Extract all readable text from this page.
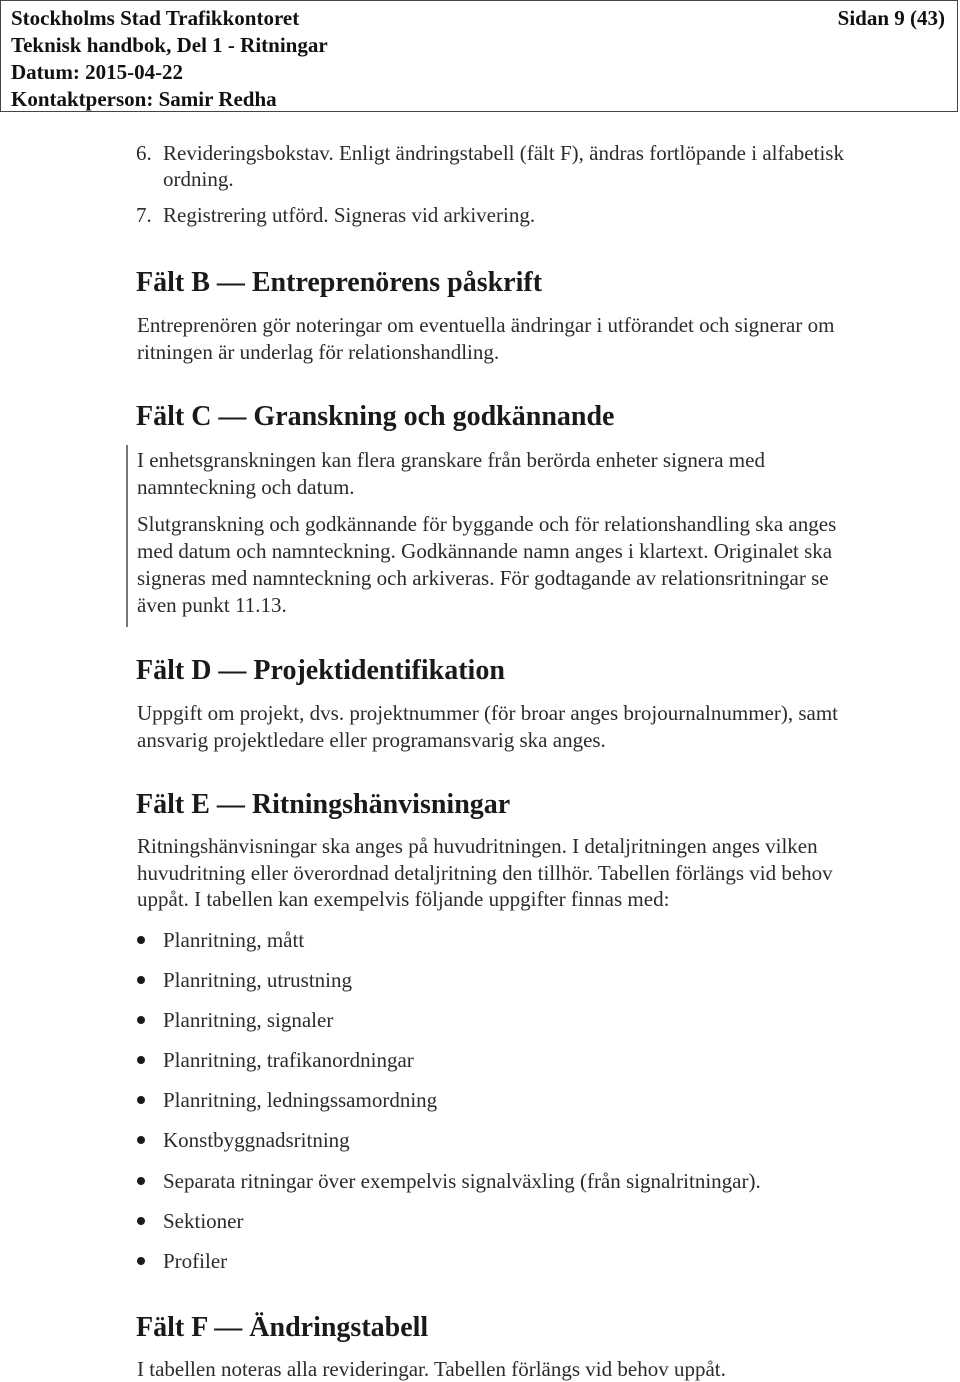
Stockholms Stad Trafikkontoret
Teknisk handbok, Del 1 - Ritningar
Datum: 2015-04-22
Kontaktperson: Samir Redha
Sidan 9 (43)
6. Revideringsbokstav. Enligt ändringstabell (fält F), ändras fortlöpande i alfabetisk
ordning.
7. Registrering utförd. Signeras vid arkivering.
Fält B — Entreprenörens påskrift
Entreprenören gör noteringar om eventuella ändringar i utförandet och signerar om
ritningen är underlag för relationshandling.
Fält C — Granskning och godkännande
I enhetsgranskningen kan flera granskare från berörda enheter signera med
namnteckning och datum.
Slutgranskning och godkännande för byggande och för relationshandling ska anges
med datum och namnteckning. Godkännande namn anges i klartext. Originalet ska
signeras med namnteckning och arkiveras. För godtagande av relationsritningar se
även punkt 11.13.
Fält D — Projektidentifikation
Uppgift om projekt, dvs. projektnummer (för broar anges brojournalnummer), samt
ansvarig projektledare eller programansvarig ska anges.
Fält E — Ritningshänvisningar
Ritningshänvisningar ska anges på huvudritningen. I detaljritningen anges vilken
huvudritning eller överordnad detaljritning den tillhör. Tabellen förlängs vid behov
uppåt. I tabellen kan exempelvis följande uppgifter finnas med:
Planritning, mått
Planritning, utrustning
Planritning, signaler
Planritning, trafikanordningar
Planritning, ledningssamordning
Konstbyggnadsritning
Separata ritningar över exempelvis signalväxling (från signalritningar).
Sektioner
Profiler
Fält F — Ändringstabell
I tabellen noteras alla revideringar. Tabellen förlängs vid behov uppåt.
